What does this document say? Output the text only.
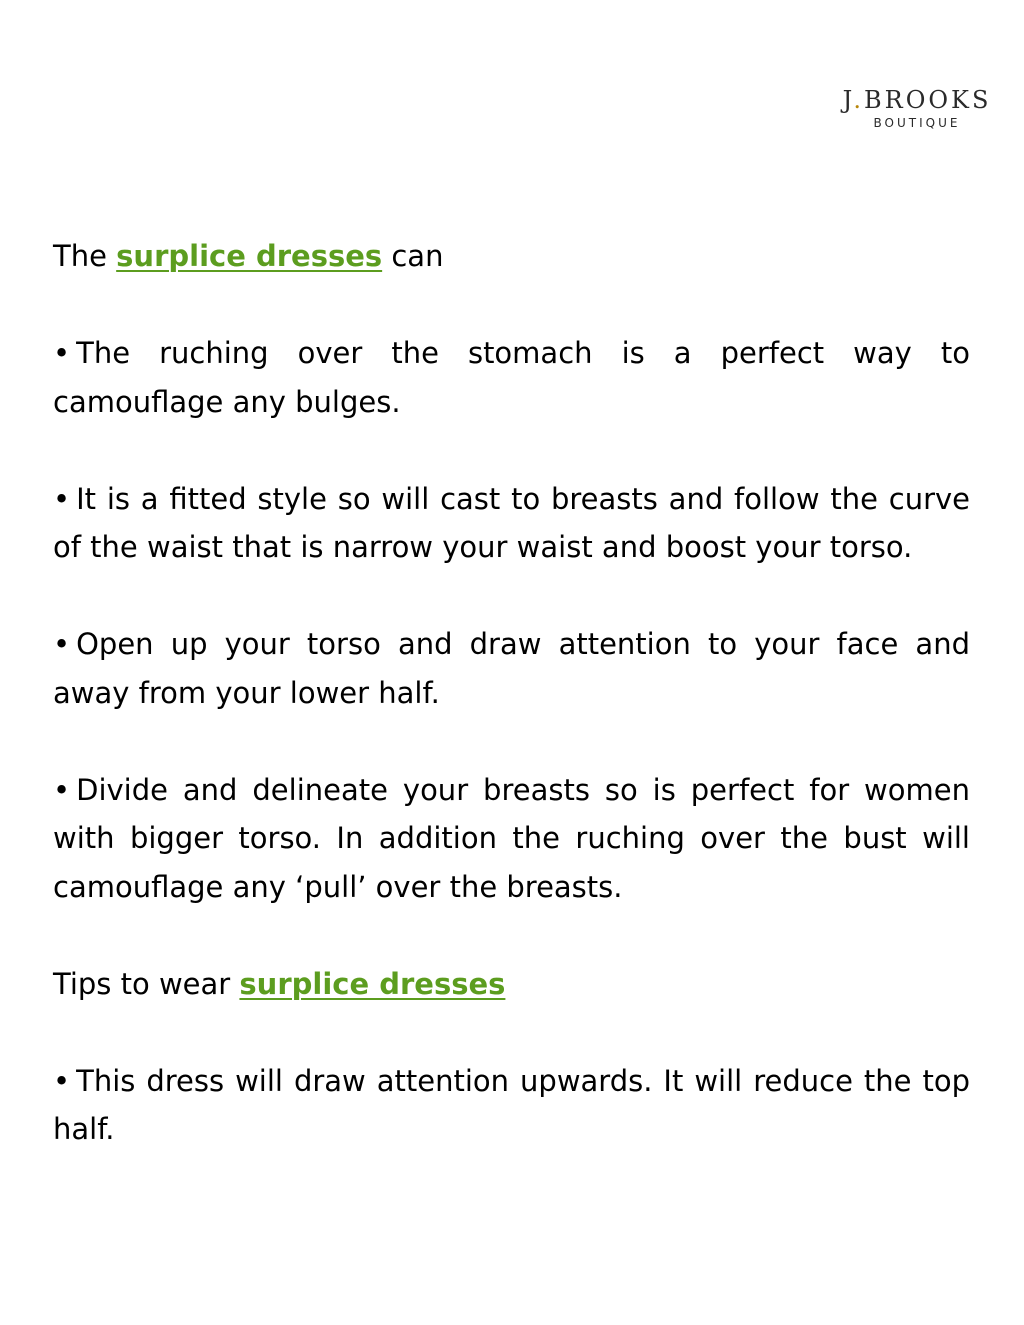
J.BROOKS
BOUTIQUE

The surplice dresses can

• The ruching over the stomach is a perfect way to camouflage any bulges.

• It is a fitted style so will cast to breasts and follow the curve of the waist that is narrow your waist and boost your torso.

• Open up your torso and draw attention to your face and away from your lower half.

• Divide and delineate your breasts so is perfect for women with bigger torso. In addition the ruching over the bust will camouflage any ‘pull’ over the breasts.

Tips to wear surplice dresses

• This dress will draw attention upwards. It will reduce the top half.
